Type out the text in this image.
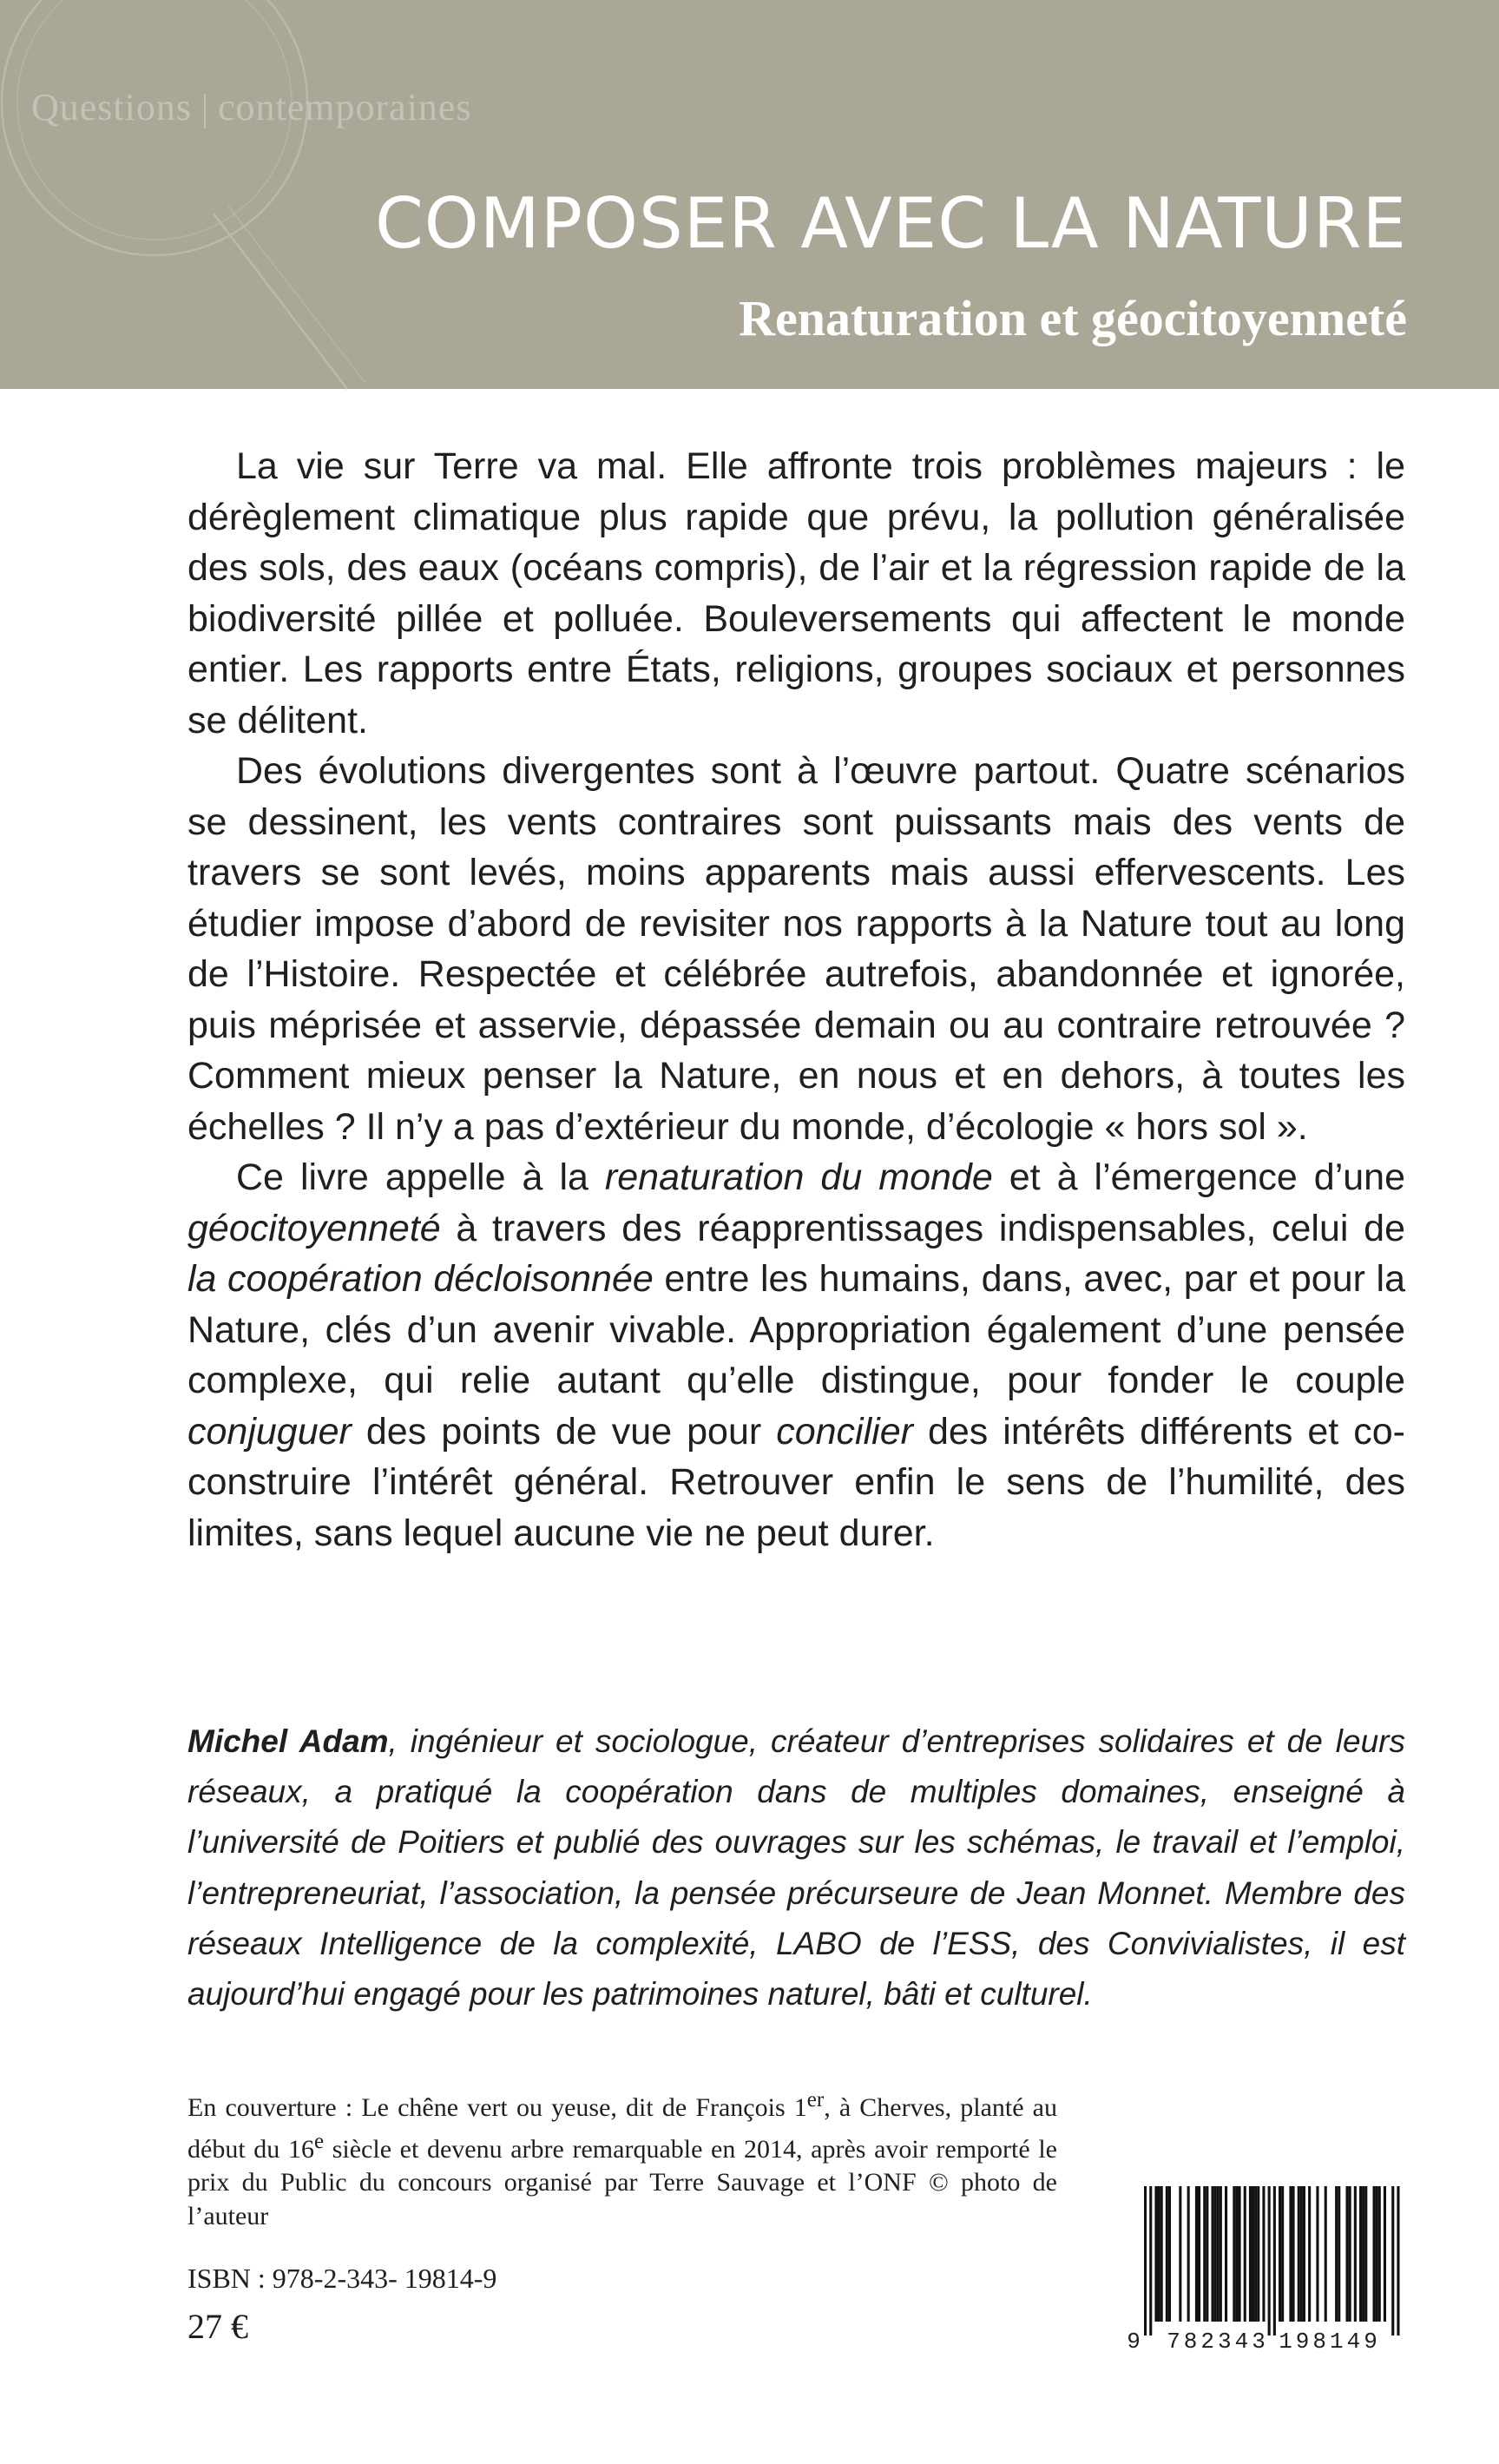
Questions contemporaines
COMPOSER AVEC LA NATURE
Renaturation et géocitoyenneté

La vie sur Terre va mal. Elle affronte trois problèmes majeurs : le dérèglement climatique plus rapide que prévu, la pollution généralisée des sols, des eaux (océans compris), de l’air et la régression rapide de la biodiversité pillée et polluée. Bouleversements qui affectent le monde entier. Les rapports entre États, religions, groupes sociaux et personnes se délitent.

Des évolutions divergentes sont à l’œuvre partout. Quatre scénarios se dessinent, les vents contraires sont puissants mais des vents de travers se sont levés, moins apparents mais aussi effervescents. Les étudier impose d’abord de revisiter nos rapports à la Nature tout au long de l’Histoire. Respectée et célébrée autrefois, abandonnée et ignorée, puis méprisée et asservie, dépassée demain ou au contraire retrouvée ? Comment mieux penser la Nature, en nous et en dehors, à toutes les échelles ? Il n’y a pas d’extérieur du monde, d’écologie « hors sol ».

Ce livre appelle à la renaturation du monde et à l’émergence d’une géocitoyenneté à travers des réapprentissages indispensables, celui de la coopération décloisonnée entre les humains, dans, avec, par et pour la Nature, clés d’un avenir vivable. Appropriation également d’une pensée complexe, qui relie autant qu’elle distingue, pour fonder le couple conjuguer des points de vue pour concilier des intérêts différents et co-construire l’intérêt général. Retrouver enfin le sens de l’humilité, des limites, sans lequel aucune vie ne peut durer.

Michel Adam, ingénieur et sociologue, créateur d’entreprises solidaires et de leurs réseaux, a pratiqué la coopération dans de multiples domaines, enseigné à l’université de Poitiers et publié des ouvrages sur les schémas, le travail et l’emploi, l’entrepreneuriat, l’association, la pensée précurseure de Jean Monnet. Membre des réseaux Intelligence de la complexité, LABO de l’ESS, des Convivialistes, il est aujourd’hui engagé pour les patrimoines naturel, bâti et culturel.

En couverture : Le chêne vert ou yeuse, dit de François 1er, à Cherves, planté au début du 16e siècle et devenu arbre remarquable en 2014, après avoir remporté le prix du Public du concours organisé par Terre Sauvage et l’ONF © photo de l’auteur

ISBN : 978-2-343- 19814-9
27 €	9 782343 198149
